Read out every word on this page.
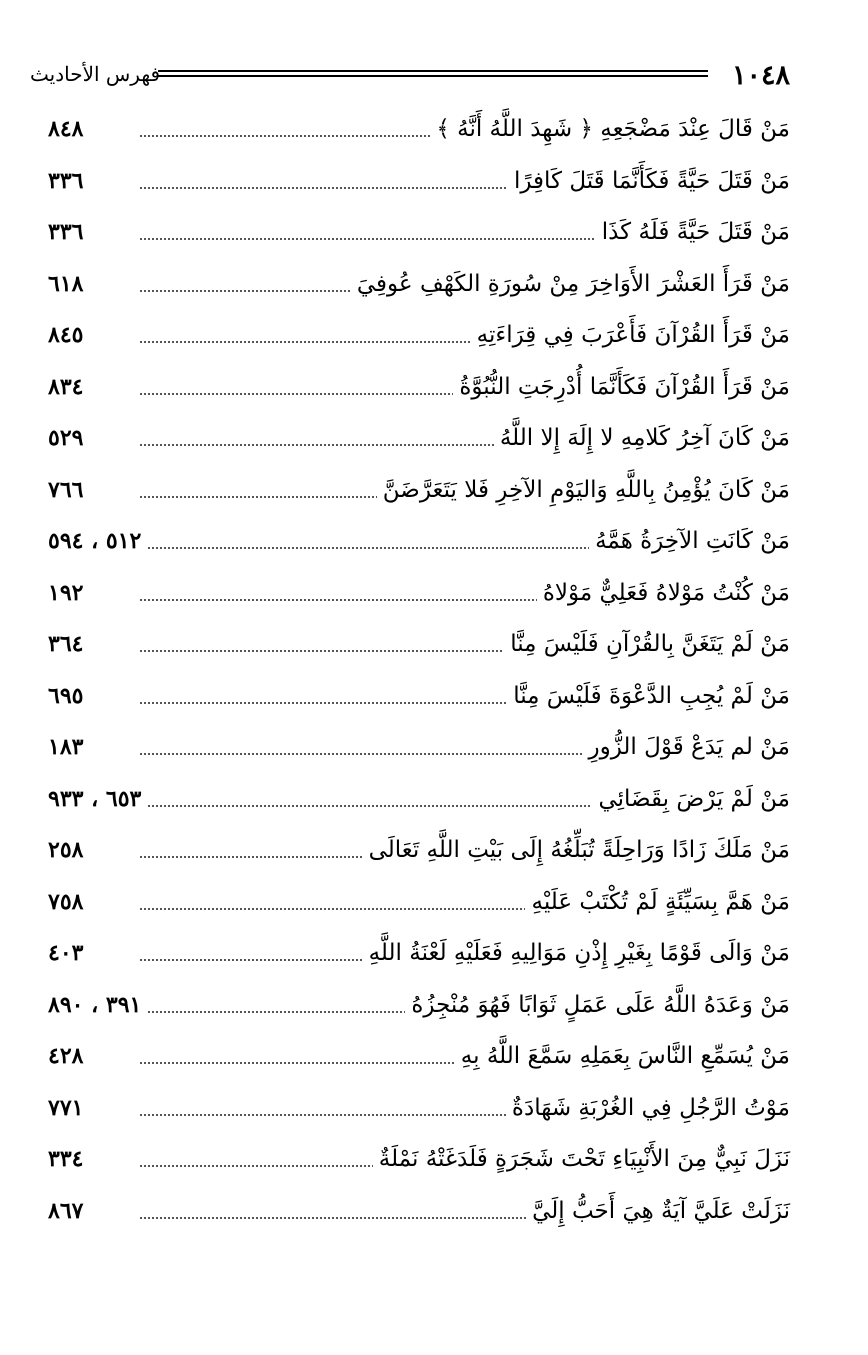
١٠٤٨
فهرس الأحاديث
مَنْ قَالَ عِنْدَ مَضْجَعِهِ ﴿ شَهِدَ اللَّهُ أَنَّهُ ﴾
٨٤٨
مَنْ قَتَلَ حَيَّةً فَكَأَنَّمَا قَتَلَ كَافِرًا
٣٣٦
مَنْ قَتَلَ حَيَّةً فَلَهُ كَذَا
٣٣٦
مَنْ قَرَأَ العَشْرَ الأَوَاخِرَ مِنْ سُورَةِ الكَهْفِ عُوفِيَ
٦١٨
مَنْ قَرَأَ القُرْآنَ فَأَعْرَبَ فِي قِرَاءَتِهِ
٨٤٥
مَنْ قَرَأَ القُرْآنَ فَكَأَنَّمَا أُدْرِجَتِ النُّبُوَّةُ
٨٣٤
مَنْ كَانَ آخِرُ كَلامِهِ لا إِلَهَ إِلا اللَّهُ
٥٢٩
مَنْ كَانَ يُؤْمِنُ بِاللَّهِ وَاليَوْمِ الآخِرِ فَلا يَتَعَرَّضَنَّ
٧٦٦
مَنْ كَانَتِ الآخِرَةُ هَمَّهُ
٥١٢ ، ٥٩٤
مَنْ كُنْتُ مَوْلاهُ فَعَلِيٌّ مَوْلاهُ
١٩٢
مَنْ لَمْ يَتَغَنَّ بِالقُرْآنِ فَلَيْسَ مِنَّا
٣٦٤
مَنْ لَمْ يُجِبِ الدَّعْوَةَ فَلَيْسَ مِنَّا
٦٩٥
مَنْ لم يَدَعْ قَوْلَ الزُّورِ
١٨٣
مَنْ لَمْ يَرْضَ بِقَضَائِي
٦٥٣ ، ٩٣٣
مَنْ مَلَكَ زَادًا وَرَاحِلَةً تُبَلِّغُهُ إِلَى بَيْتِ اللَّهِ تَعَالَى
٢٥٨
مَنْ هَمَّ بِسَيِّئَةٍ لَمْ تُكْتَبْ عَلَيْهِ
٧٥٨
مَنْ وَالَى قَوْمًا بِغَيْرِ إِذْنِ مَوَالِيهِ فَعَلَيْهِ لَعْنَةُ اللَّهِ
٤٠٣
مَنْ وَعَدَهُ اللَّهُ عَلَى عَمَلٍ ثَوَابًا فَهُوَ مُنْجِزُهُ
٣٩١ ، ٨٩٠
مَنْ يُسَمِّعِ النَّاسَ بِعَمَلِهِ سَمَّعَ اللَّهُ بِهِ
٤٢٨
مَوْتُ الرَّجُلِ فِي الغُرْبَةِ شَهَادَةٌ
٧٧١
نَزَلَ نَبِيٌّ مِنَ الأَنْبِيَاءِ تَحْتَ شَجَرَةٍ فَلَدَغَتْهُ نَمْلَةٌ
٣٣٤
نَزَلَتْ عَلَيَّ آيَةٌ هِيَ أَحَبُّ إِلَيَّ
٨٦٧
